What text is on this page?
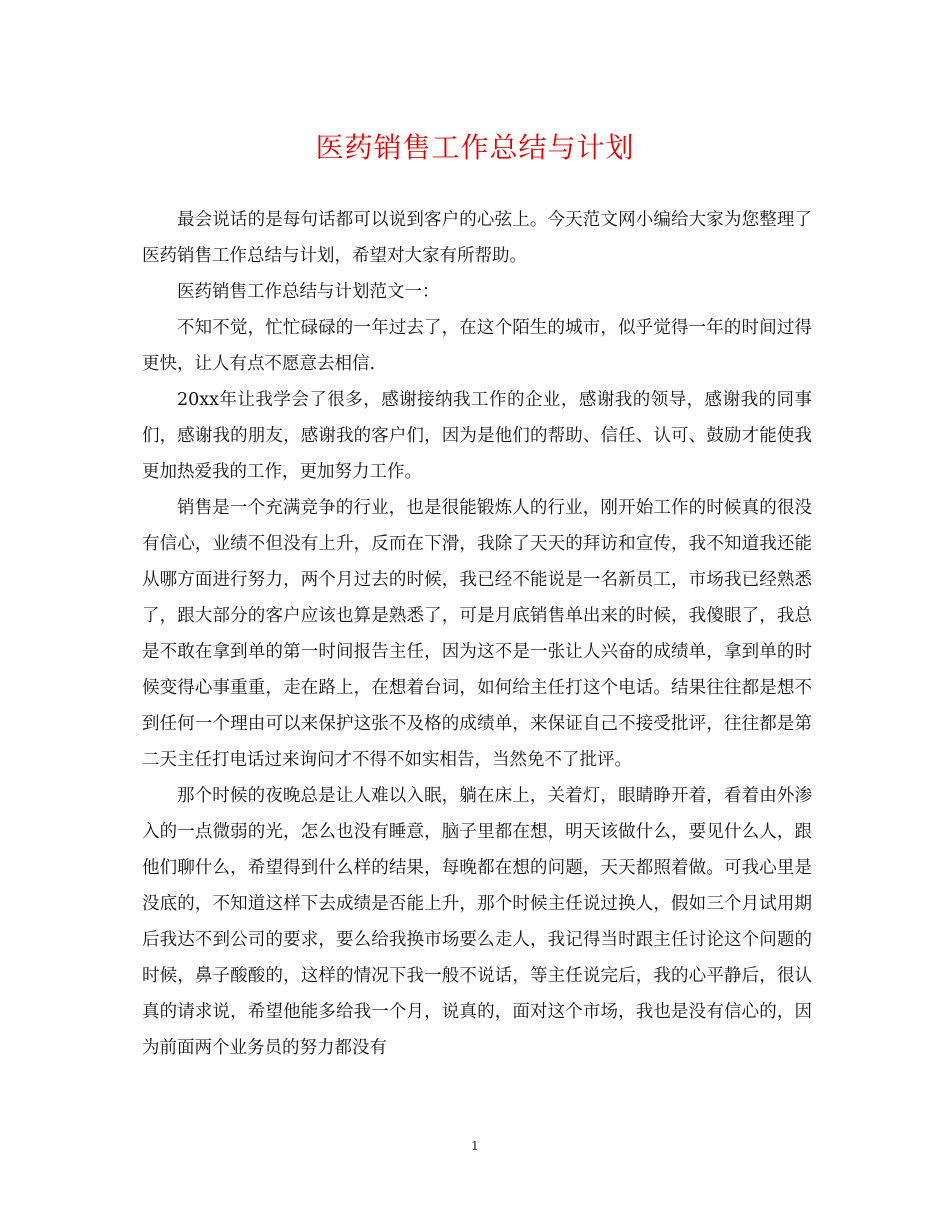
医药销售工作总结与计划

最会说话的是每句话都可以说到客户的心弦上。今天范文网小编给大家为您整理了医药销售工作总结与计划，希望对大家有所帮助。

医药销售工作总结与计划范文一：

不知不觉，忙忙碌碌的一年过去了，在这个陌生的城市，似乎觉得一年的时间过得更快，让人有点不愿意去相信.

20xx年让我学会了很多，感谢接纳我工作的企业，感谢我的领导，感谢我的同事们，感谢我的朋友，感谢我的客户们，因为是他们的帮助、信任、认可、鼓励才能使我更加热爱我的工作，更加努力工作。

销售是一个充满竞争的行业，也是很能锻炼人的行业，刚开始工作的时候真的很没有信心，业绩不但没有上升，反而在下滑，我除了天天的拜访和宣传，我不知道我还能从哪方面进行努力，两个月过去的时候，我已经不能说是一名新员工，市场我已经熟悉了，跟大部分的客户应该也算是熟悉了，可是月底销售单出来的时候，我傻眼了，我总是不敢在拿到单的第一时间报告主任，因为这不是一张让人兴奋的成绩单，拿到单的时候变得心事重重，走在路上，在想着台词，如何给主任打这个电话。结果往往都是想不到任何一个理由可以来保护这张不及格的成绩单，来保证自己不接受批评，往往都是第二天主任打电话过来询问才不得不如实相告，当然免不了批评。

那个时候的夜晚总是让人难以入眠，躺在床上，关着灯，眼睛睁开着，看着由外渗入的一点微弱的光，怎么也没有睡意，脑子里都在想，明天该做什么，要见什么人，跟他们聊什么，希望得到什么样的结果，每晚都在想的问题，天天都照着做。可我心里是没底的，不知道这样下去成绩是否能上升，那个时候主任说过换人，假如三个月试用期后我达不到公司的要求，要么给我换市场要么走人，我记得当时跟主任讨论这个问题的时候，鼻子酸酸的，这样的情况下我一般不说话，等主任说完后，我的心平静后，很认真的请求说，希望他能多给我一个月，说真的，面对这个市场，我也是没有信心的，因为前面两个业务员的努力都没有

1
